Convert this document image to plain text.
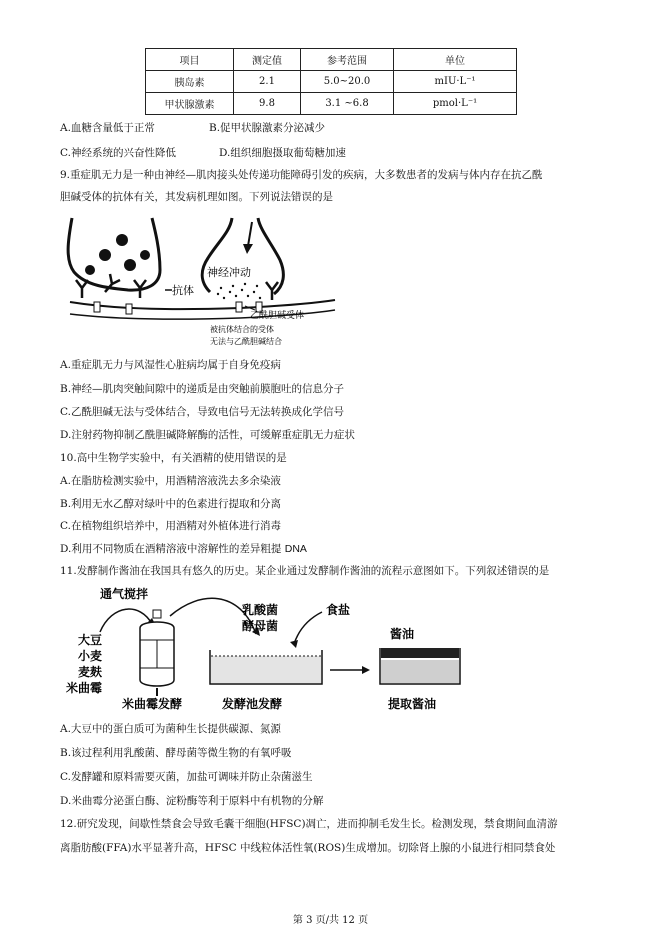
项目	测定值	参考范围	单位
胰岛素	2.1	5.0~20.0	mIU·L⁻¹
甲状腺激素	9.8	3.1 ~6.8	pmol·L⁻¹
A.血糖含量低于正常	B.促甲状腺激素分泌减少
C.神经系统的兴奋性降低	D.组织细胞摄取葡萄糖加速
9.重症肌无力是一种由神经—肌肉接头处传递功能障碍引发的疾病，大多数患者的发病与体内存在抗乙酰
胆碱受体的抗体有关，其发病机理如图。下列说法错误的是
神经冲动
抗体
乙酰胆碱受体
被抗体结合的受体
无法与乙酰胆碱结合
A.重症肌无力与风湿性心脏病均属于自身免疫病
B.神经—肌肉突触间隙中的递质是由突触前膜胞吐的信息分子
C.乙酰胆碱无法与受体结合，导致电信号无法转换成化学信号
D.注射药物抑制乙酰胆碱降解酶的活性，可缓解重症肌无力症状
10.高中生物学实验中，有关酒精的使用错误的是
A.在脂肪检测实验中，用酒精溶液洗去多余染液
B.利用无水乙醇对绿叶中的色素进行提取和分离
C.在植物组织培养中，用酒精对外植体进行消毒
D.利用不同物质在酒精溶液中溶解性的差异粗提 DNA
11.发酵制作酱油在我国具有悠久的历史。某企业通过发酵制作酱油的流程示意图如下。下列叙述错误的是
大豆
小麦
麦麸
米曲霉
通气搅拌
米曲霉发酵
乳酸菌
酵母菌
食盐
发酵池发酵
酱油
提取酱油
A.大豆中的蛋白质可为菌种生长提供碳源、氮源
B.该过程利用乳酸菌、酵母菌等微生物的有氧呼吸
C.发酵罐和原料需要灭菌，加盐可调味并防止杂菌滋生
D.米曲霉分泌蛋白酶、淀粉酶等利于原料中有机物的分解
12.研究发现，间歇性禁食会导致毛囊干细胞(HFSC)凋亡，进而抑制毛发生长。检测发现，禁食期间血清游
离脂肪酸(FFA)水平显著升高，HFSC 中线粒体活性氧(ROS)生成增加。切除肾上腺的小鼠进行相同禁食处
第 3 页/共 12 页
